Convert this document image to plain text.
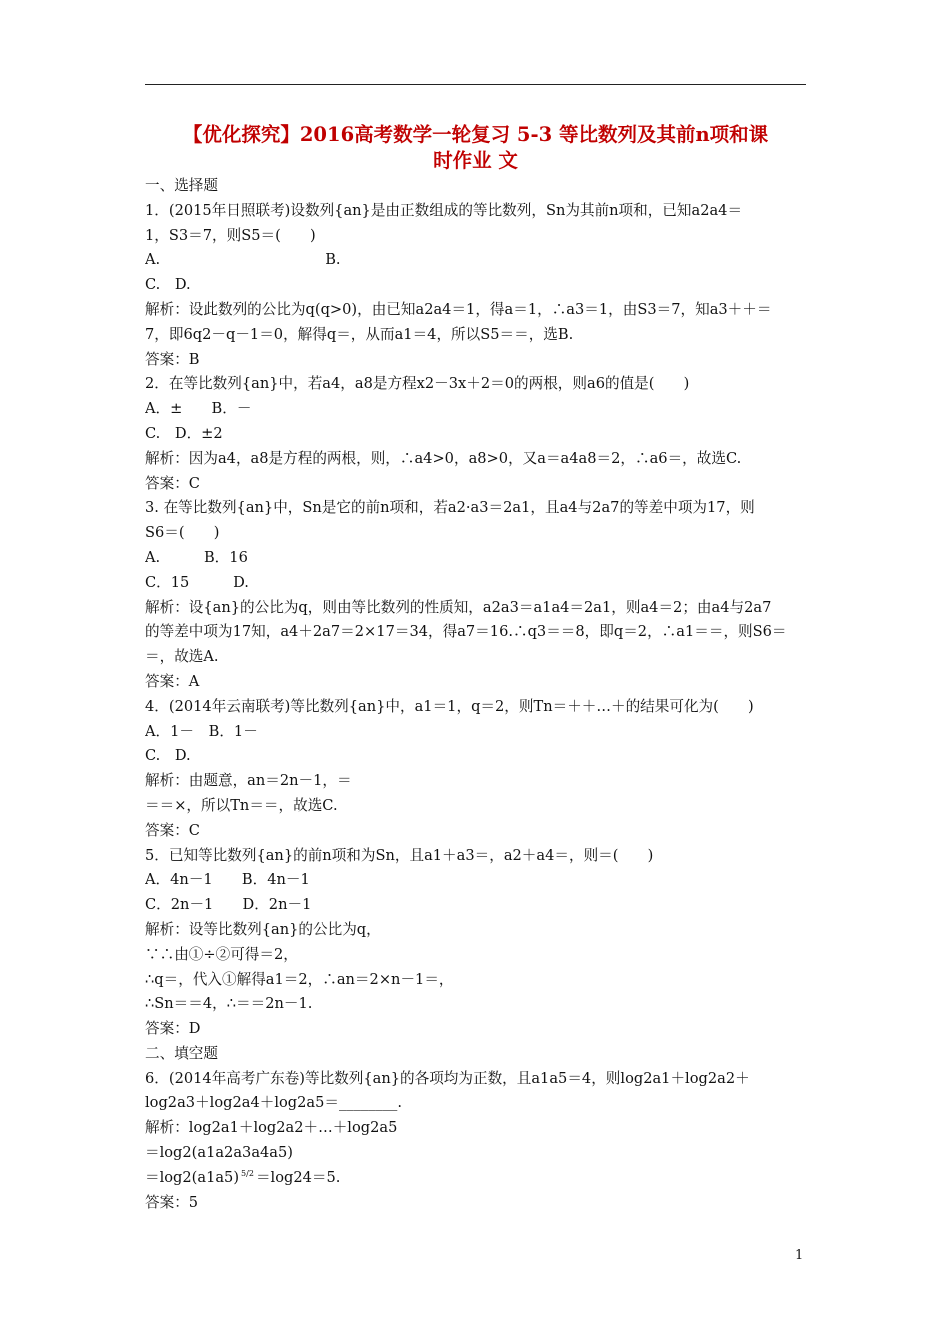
【优化探究】2016高考数学一轮复习 5-3 等比数列及其前n项和课
时作业 文
一、选择题
1．(2015年日照联考)设数列{an}是由正数组成的等比数列，Sn为其前n项和，已知a2a4＝
1，S3＝7，则S5＝(　　)
A.	B.
C.　D.
解析：设此数列的公比为q(q>0)，由已知a2a4＝1，得a＝1，∴a3＝1，由S3＝7，知a3＋＋＝
7，即6q2－q－1＝0，解得q＝，从而a1＝4，所以S5＝＝，选B.
答案：B
2．在等比数列{an}中，若a4，a8是方程x2－3x＋2＝0的两根，则a6的值是(　　)
A．±　　B．－
C.　D．±2
解析：因为a4，a8是方程的两根，则，∴a4>0，a8>0，又a＝a4a8＝2，∴a6＝，故选C.
答案：C
3. 在等比数列{an}中，Sn是它的前n项和，若a2·a3＝2a1，且a4与2a7的等差中项为17，则
S6＝(　　)
A.　　　B．16
C．15　　　D.
解析：设{an}的公比为q，则由等比数列的性质知，a2a3＝a1a4＝2a1，则a4＝2；由a4与2a7
的等差中项为17知，a4＋2a7＝2×17＝34，得a7＝16.∴q3＝＝8，即q＝2，∴a1＝＝，则S6＝
＝，故选A.
答案：A
4．(2014年云南联考)等比数列{an}中，a1＝1，q＝2，则Tn＝＋＋…＋的结果可化为(　　)
A．1－　B．1－
C.　D.
解析：由题意，an＝2n－1，＝
＝＝×，所以Tn＝＝，故选C.
答案：C
5．已知等比数列{an}的前n项和为Sn，且a1＋a3＝，a2＋a4＝，则＝(　　)
A．4n－1　　B．4n－1
C．2n－1　　D．2n－1
解析：设等比数列{an}的公比为q，
∵∴由①÷②可得＝2，
∴q＝，代入①解得a1＝2，∴an＝2×n－1＝，
∴Sn＝＝4，∴＝＝2n－1.
答案：D
二、填空题
6．(2014年高考广东卷)等比数列{an}的各项均为正数，且a1a5＝4，则log2a1＋log2a2＋
log2a3＋log2a4＋log2a5＝________.
解析：log2a1＋log2a2＋…＋log2a5
＝log2(a1a2a3a4a5)
＝log2(a1a5) $^{5/2}$ ＝log24＝5.
答案：5
1
